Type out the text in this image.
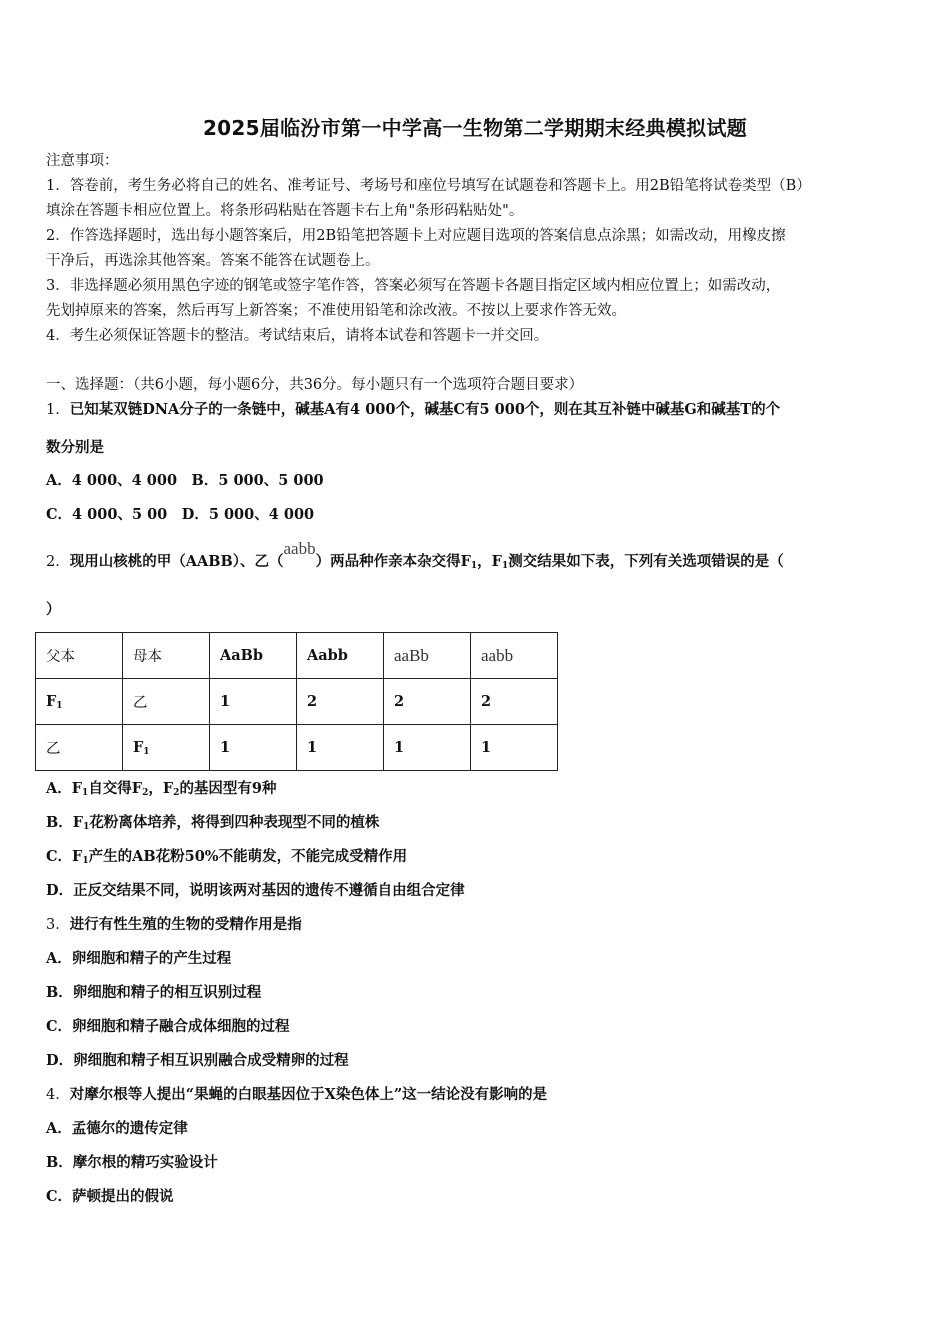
2025届临汾市第一中学高一生物第二学期期末经典模拟试题
注意事项：
1．答卷前，考生务必将自己的姓名、准考证号、考场号和座位号填写在试题卷和答题卡上。用2B铅笔将试卷类型（B）
填涂在答题卡相应位置上。将条形码粘贴在答题卡右上角"条形码粘贴处"。
2．作答选择题时，选出每小题答案后，用2B铅笔把答题卡上对应题目选项的答案信息点涂黑；如需改动，用橡皮擦
干净后，再选涂其他答案。答案不能答在试题卷上。
3．非选择题必须用黑色字迹的钢笔或签字笔作答，答案必须写在答题卡各题目指定区域内相应位置上；如需改动，
先划掉原来的答案，然后再写上新答案；不准使用铅笔和涂改液。不按以上要求作答无效。
4．考生必须保证答题卡的整洁。考试结束后，请将本试卷和答题卡一并交回。
一、选择题：（共6小题，每小题6分，共36分。每小题只有一个选项符合题目要求）
1．已知某双链DNA分子的一条链中，碱基A有4 000个，碱基C有5 000个，则在其互补链中碱基G和碱基T的个
数分别是
A．4 000、4 000　B．5 000、5 000
C．4 000、5 00　D．5 000、4 000
2．现用山核桃的甲（AABB）、乙（aabb）两品种作亲本杂交得$F_1$，$F_1$测交结果如下表，下列有关选项错误的是（
）
父本	母本	AaBb	Aabb	aaBb	aabb
$F_1$	乙	1	2	2	2
乙	$F_1$	1	1	1	1
A．$F_1$自交得$F_2$，$F_2$的基因型有9种
B．$F_1$花粉离体培养，将得到四种表现型不同的植株
C．$F_1$产生的AB花粉50%不能萌发，不能完成受精作用
D．正反交结果不同，说明该两对基因的遗传不遵循自由组合定律
3．进行有性生殖的生物的受精作用是指
A．卵细胞和精子的产生过程
B．卵细胞和精子的相互识别过程
C．卵细胞和精子融合成体细胞的过程
D．卵细胞和精子相互识别融合成受精卵的过程
4．对摩尔根等人提出“果蝇的白眼基因位于X染色体上”这一结论没有影响的是
A．孟德尔的遗传定律
B．摩尔根的精巧实验设计
C．萨顿提出的假说
